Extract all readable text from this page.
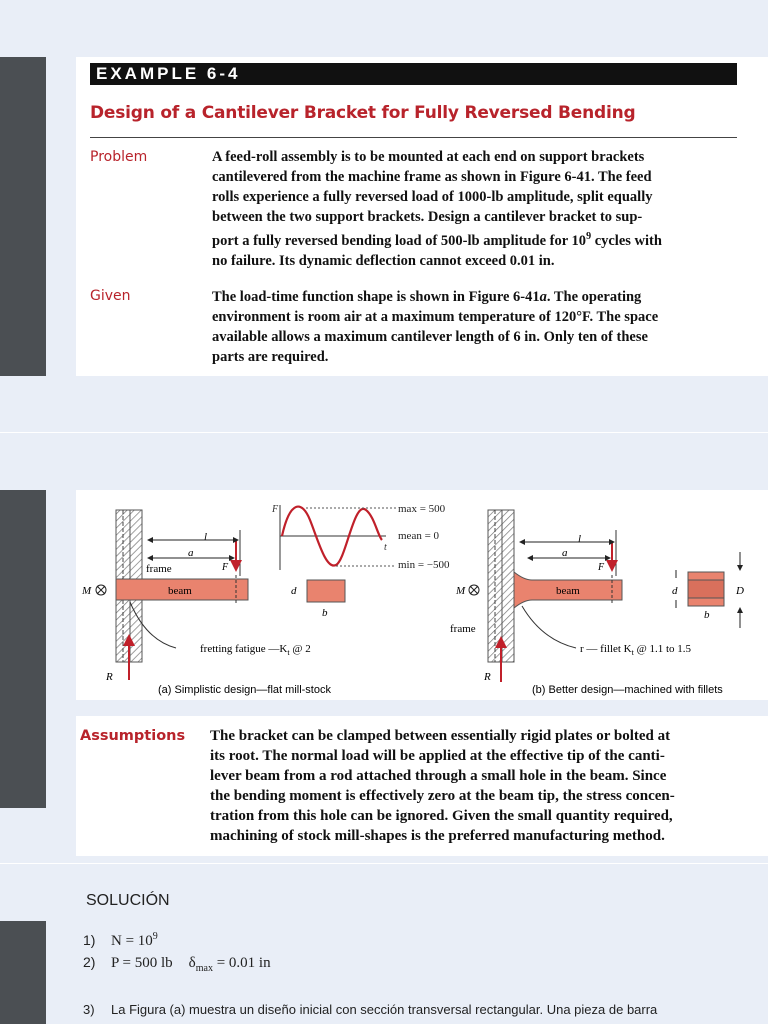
EXAMPLE 6-4
Design of a Cantilever Bracket for Fully Reversed Bending
Problem	A feed-roll assembly is to be mounted at each end on support brackets
cantilevered from the machine frame as shown in Figure 6-41. The feed
rolls experience a fully reversed load of 1000-lb amplitude, split equally
between the two support brackets. Design a cantilever bracket to sup-
port a fully reversed bending load of 500-lb amplitude for $10^9$ cycles with
no failure. Its dynamic deflection cannot exceed 0.01 in.
Given	The load-time function shape is shown in Figure 6-41a. The operating
environment is room air at a maximum temperature of 120°F. The space
available allows a maximum cantilever length of 6 in. Only ten of these
parts are required.
F
t
max = 500
mean = 0
min = −500
l
a
F
frame
beam
M
R
d
b
fretting fatigue $—K_t$ @ 2
(a) Simplistic design—flat mill-stock
l
a
F
beam
M
frame
R
d	D
b
r — fillet $K_t$ @ 1.1 to 1.5
(b) Better design—machined with fillets
Assumptions The bracket can be clamped between essentially rigid plates or bolted at
its root. The normal load will be applied at the effective tip of the canti-
lever beam from a rod attached through a small hole in the beam. Since
the bending moment is effectively zero at the beam tip, the stress concen-
tration from this hole can be ignored. Given the small quantity required,
machining of stock mill-shapes is the preferred manufacturing method.
SOLUCIÓN
1) $N = 10^9$
2) P = 500 lb $\delta_{max} = 0.01$ in
3) La Figura (a) muestra un diseño inicial con sección transversal rectangular. Una pieza de barra
